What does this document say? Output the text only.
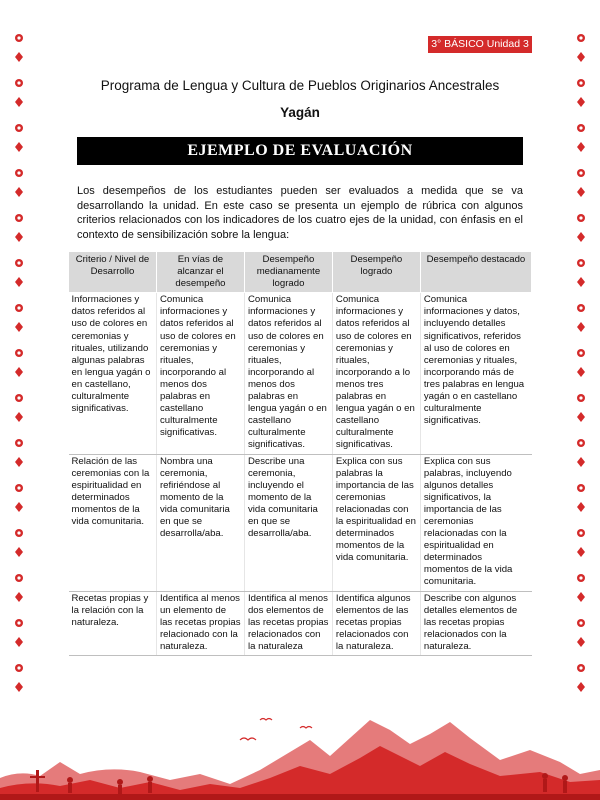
3° BÁSICO Unidad 3
Programa de Lengua y Cultura de Pueblos Originarios Ancestrales
Yagán
EJEMPLO DE EVALUACIÓN
Los desempeños de los estudiantes pueden ser evaluados a medida que se va desarrollando la unidad. En este caso se presenta un ejemplo de rúbrica con algunos criterios relacionados con los indicadores de los cuatro ejes de la unidad, con énfasis en el contexto de sensibilización sobre la lengua:
Criterio / Nivel de Desarrollo	En vías de alcanzar el desempeño	Desempeño medianamente logrado	Desempeño logrado	Desempeño destacado
Informaciones y datos referidos al uso de colores en ceremonias y rituales, utilizando algunas palabras en lengua yagán o en castellano, culturalmente significativas.	Comunica informaciones y datos referidos al uso de colores en ceremonias y rituales, incorporando al menos dos palabras en castellano culturalmente significativas.	Comunica informaciones y datos referidos al uso de colores en ceremonias y rituales, incorporando al menos dos palabras en lengua yagán o en castellano culturalmente significativas.	Comunica informaciones y datos referidos al uso de colores en ceremonias y rituales, incorporando a lo menos tres palabras en lengua yagán o en castellano culturalmente significativas.	Comunica informaciones y datos, incluyendo detalles significativos, referidos al uso de colores en ceremonias y rituales, incorporando más de tres palabras en lengua yagán o en castellano culturalmente significativas.
Relación de las ceremonias con la espiritualidad en determinados momentos de la vida comunitaria.	Nombra una ceremonia, refiriéndose al momento de la vida comunitaria en que se desarrolla/aba.	Describe una ceremonia, incluyendo el momento de la vida comunitaria en que se desarrolla/aba.	Explica con sus palabras la importancia de las ceremonias relacionadas con la espiritualidad en determinados momentos de la vida comunitaria.	Explica con sus palabras, incluyendo algunos detalles significativos, la importancia de las ceremonias relacionadas con la espiritualidad en determinados momentos de la vida comunitaria.
Recetas propias y la relación con la naturaleza.	Identifica al menos un elemento de las recetas propias relacionado con la naturaleza.	Identifica al menos dos elementos de las recetas propias relacionados con la naturaleza	Identifica algunos elementos de las recetas propias relacionados con la naturaleza.	Describe con algunos detalles elementos de las recetas propias relacionados con la naturaleza.
